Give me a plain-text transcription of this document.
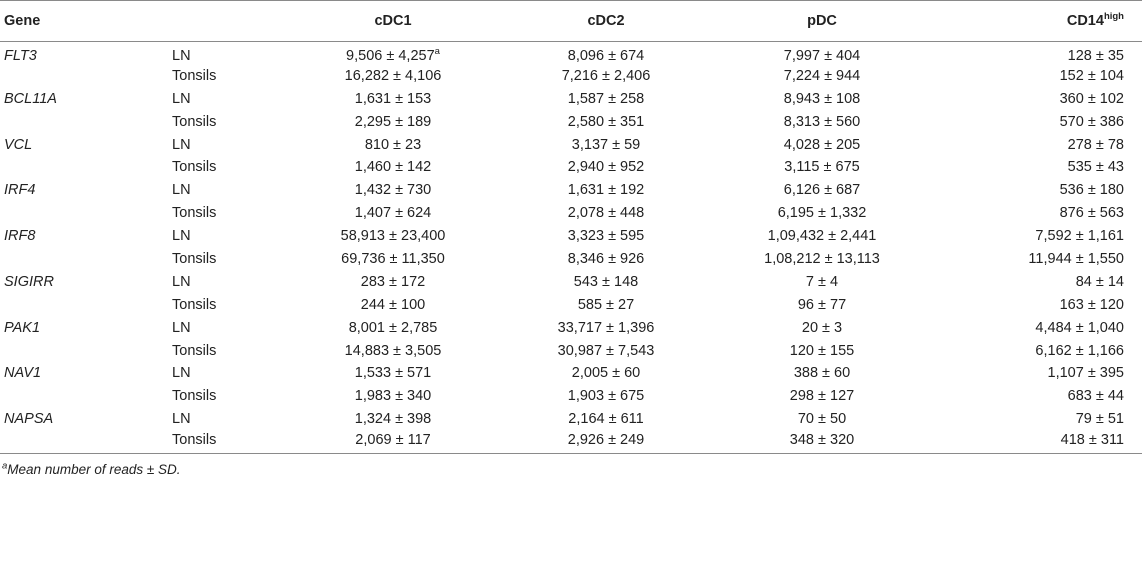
Gene		cDC1	cDC2	pDC	$CD14^{high}$
FLT3	LN	9,506 ± 4,257$^a$	8,096 ± 674	7,997 ± 404	128 ± 35
	Tonsils	16,282 ± 4,106	7,216 ± 2,406	7,224 ± 944	152 ± 104
BCL11A	LN	1,631 ± 153	1,587 ± 258	8,943 ± 108	360 ± 102
	Tonsils	2,295 ± 189	2,580 ± 351	8,313 ± 560	570 ± 386
VCL	LN	810 ± 23	3,137 ± 59	4,028 ± 205	278 ± 78
	Tonsils	1,460 ± 142	2,940 ± 952	3,115 ± 675	535 ± 43
IRF4	LN	1,432 ± 730	1,631 ± 192	6,126 ± 687	536 ± 180
	Tonsils	1,407 ± 624	2,078 ± 448	6,195 ± 1,332	876 ± 563
IRF8	LN	58,913 ± 23,400	3,323 ± 595	1,09,432 ± 2,441	7,592 ± 1,161
	Tonsils	69,736 ± 11,350	8,346 ± 926	1,08,212 ± 13,113	11,944 ± 1,550
SIGIRR	LN	283 ± 172	543 ± 148	7 ± 4	84 ± 14
	Tonsils	244 ± 100	585 ± 27	96 ± 77	163 ± 120
PAK1	LN	8,001 ± 2,785	33,717 ± 1,396	20 ± 3	4,484 ± 1,040
	Tonsils	14,883 ± 3,505	30,987 ± 7,543	120 ± 155	6,162 ± 1,166
NAV1	LN	1,533 ± 571	2,005 ± 60	388 ± 60	1,107 ± 395
	Tonsils	1,983 ± 340	1,903 ± 675	298 ± 127	683 ± 44
NAPSA	LN	1,324 ± 398	2,164 ± 611	70 ± 50	79 ± 51
	Tonsils	2,069 ± 117	2,926 ± 249	348 ± 320	418 ± 311
$^a$Mean number of reads ± SD.
